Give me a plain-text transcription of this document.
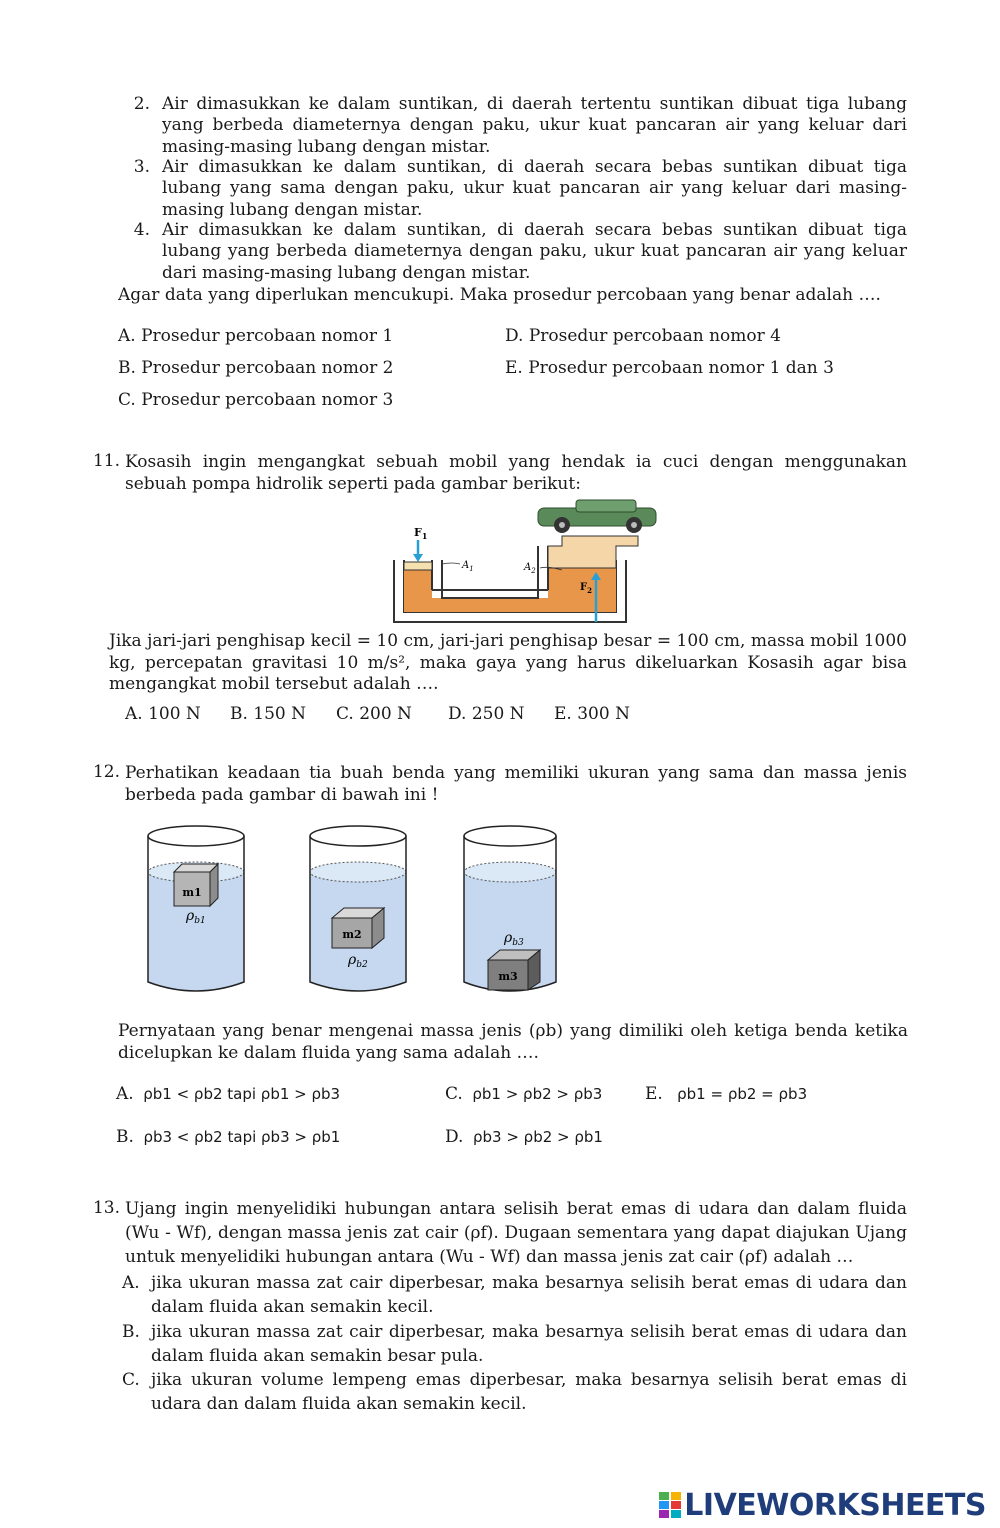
2. Air dimasukkan ke dalam suntikan, di daerah tertentu suntikan dibuat tiga lubang yang berbeda diameternya dengan paku, ukur kuat pancaran air yang keluar dari masing-masing lubang dengan mistar.
3. Air dimasukkan ke dalam suntikan, di daerah secara bebas suntikan dibuat tiga lubang yang sama dengan paku, ukur kuat pancaran air yang keluar dari masing-masing lubang dengan mistar.
4. Air dimasukkan ke dalam suntikan, di daerah secara bebas suntikan dibuat tiga lubang yang berbeda diameternya dengan paku, ukur kuat pancaran air yang keluar dari masing-masing lubang dengan mistar.
Agar data yang diperlukan mencukupi. Maka prosedur percobaan yang benar adalah ….
A. Prosedur percobaan nomor 1
B. Prosedur percobaan nomor 2
C. Prosedur percobaan nomor 3
D. Prosedur percobaan nomor 4
E. Prosedur percobaan nomor 1 dan 3
11. Kosasih ingin mengangkat sebuah mobil yang hendak ia cuci dengan menggunakan sebuah pompa hidrolik seperti pada gambar berikut:
$F_1$
$F_2$
$A_1$	$A_2$
Jika jari-jari penghisap kecil = 10 cm, jari-jari penghisap besar = 100 cm, massa mobil 1000 kg, percepatan gravitasi 10 m/s², maka gaya yang harus dikeluarkan Kosasih agar bisa mengangkat mobil tersebut adalah ….
A. 100 N B. 150 N C. 200 N D. 250 N E. 300 N
12. Perhatikan keadaan tia buah benda yang memiliki ukuran yang sama dan massa jenis berbeda pada gambar di bawah ini !
m1
$\rho_{b1}$
m2
$\rho_{b2}$
$\rho_{b3}$
m3
Pernyataan yang benar mengenai massa jenis (ρb) yang dimiliki oleh ketiga benda ketika dicelupkan ke dalam fluida yang sama adalah ….
A. ρb1 < ρb2 tapi ρb1 > ρb3
B. ρb3 < ρb2 tapi ρb3 > ρb1
C. ρb1 > ρb2 > ρb3
D. ρb3 > ρb2 > ρb1
E. ρb1 = ρb2 = ρb3
13. Ujang ingin menyelidiki hubungan antara selisih berat emas di udara dan dalam fluida
(Wu - Wf), dengan massa jenis zat cair (ρf). Dugaan sementara yang dapat diajukan Ujang
untuk menyelidiki hubungan antara (Wu - Wf) dan massa jenis zat cair (ρf) adalah …
A. jika ukuran massa zat cair diperbesar, maka besarnya selisih berat emas di udara dan dalam fluida akan semakin kecil.
B. jika ukuran massa zat cair diperbesar, maka besarnya selisih berat emas di udara dan dalam fluida akan semakin besar pula.
C. jika ukuran volume lempeng emas diperbesar, maka besarnya selisih berat emas di udara dan dalam fluida akan semakin kecil.
LIVEWORKSHEETS
